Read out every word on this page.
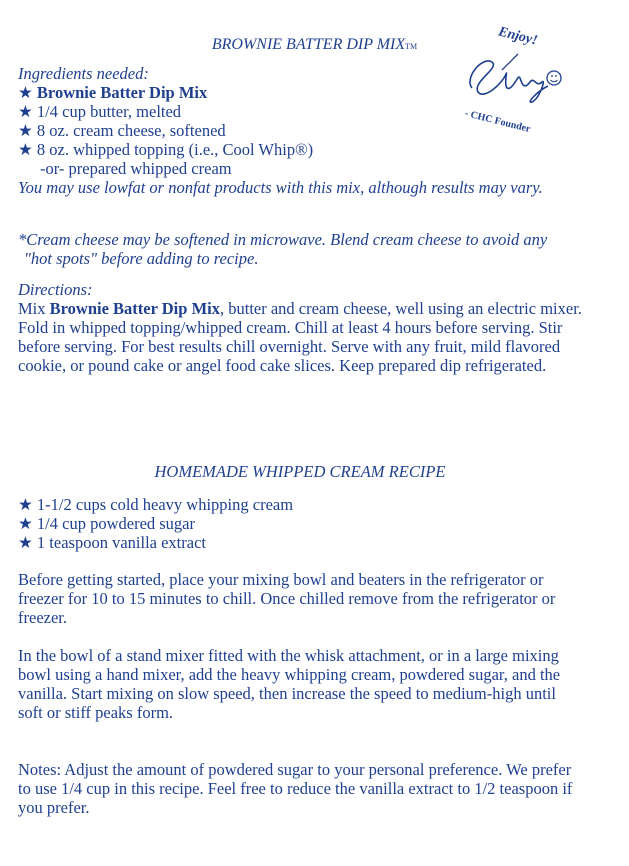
BROWNIE BATTER DIP MIXTM	Enjoy!
- CHC Founder
Ingredients needed:
★ Brownie Batter Dip Mix
★ 1/4 cup butter, melted
★ 8 oz. cream cheese, softened
★ 8 oz. whipped topping (i.e., Cool Whip®)
-or- prepared whipped cream
You may use lowfat or nonfat products with this mix, although results may vary.
*Cream cheese may be softened in microwave. Blend cream cheese to avoid any "hot spots" before adding to recipe.
Directions:
Mix Brownie Batter Dip Mix, butter and cream cheese, well using an electric mixer. Fold in whipped topping/whipped cream. Chill at least 4 hours before serving. Stir before serving. For best results chill overnight. Serve with any fruit, mild flavored cookie, or pound cake or angel food cake slices. Keep prepared dip refrigerated.
HOMEMADE WHIPPED CREAM RECIPE
★ 1-1/2 cups cold heavy whipping cream
★ 1/4 cup powdered sugar
★ 1 teaspoon vanilla extract
Before getting started, place your mixing bowl and beaters in the refrigerator or freezer for 10 to 15 minutes to chill. Once chilled remove from the refrigerator or freezer.
In the bowl of a stand mixer fitted with the whisk attachment, or in a large mixing bowl using a hand mixer, add the heavy whipping cream, powdered sugar, and the vanilla. Start mixing on slow speed, then increase the speed to medium-high until soft or stiff peaks form.
Notes: Adjust the amount of powdered sugar to your personal preference. We prefer to use 1/4 cup in this recipe. Feel free to reduce the vanilla extract to 1/2 teaspoon if you prefer.
